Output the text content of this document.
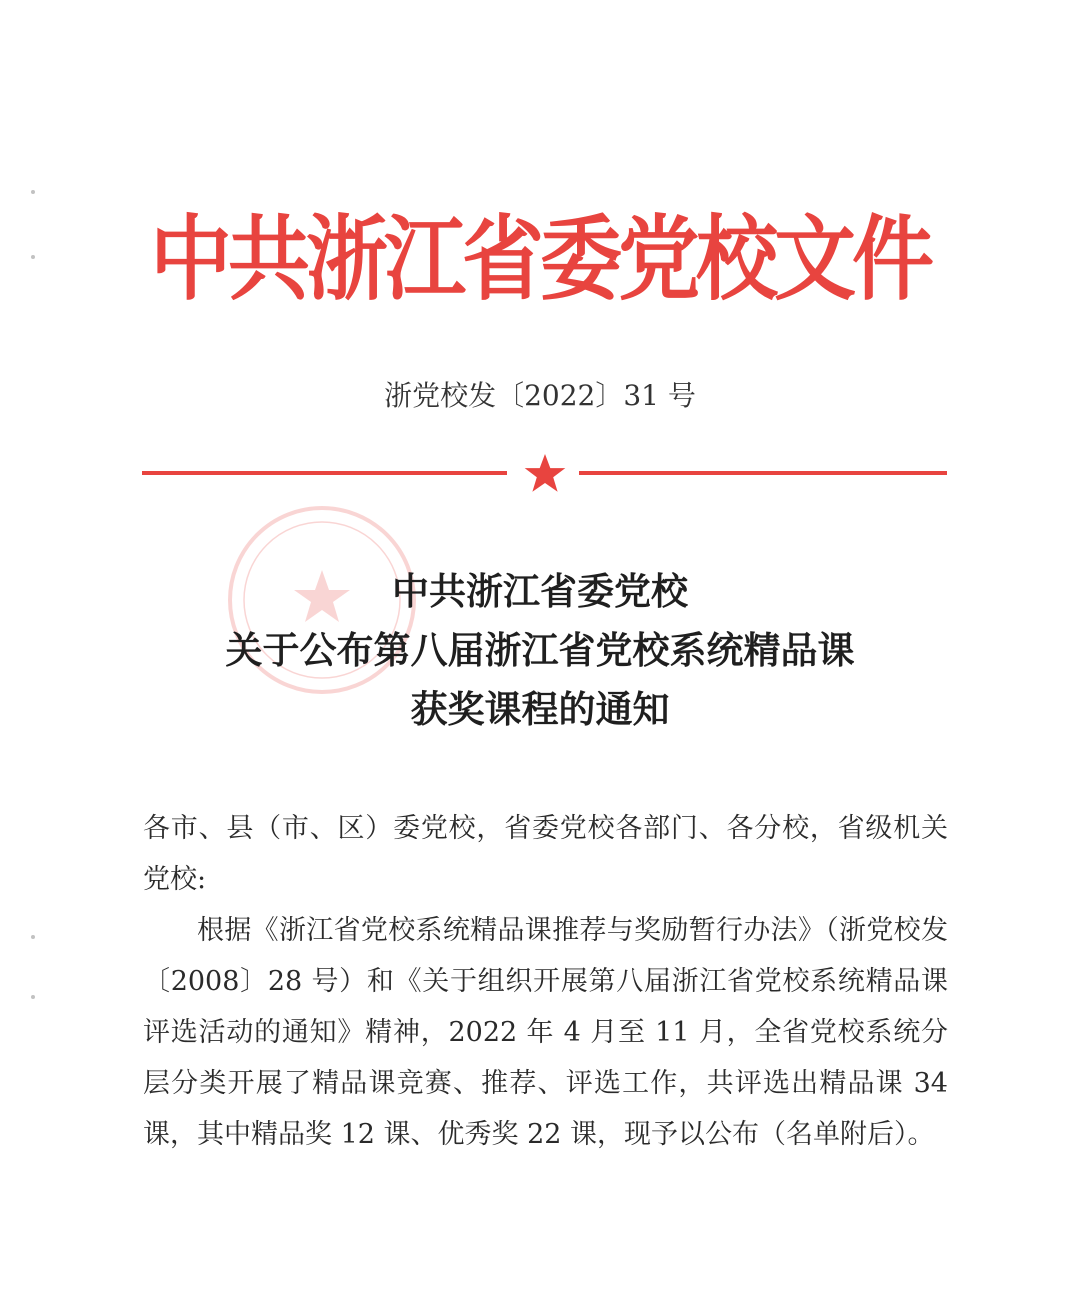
中共浙江省委党校文件
浙党校发〔2022〕31 号
中共浙江省委党校
关于公布第八届浙江省党校系统精品课
获奖课程的通知

各市、县（市、区）委党校，省委党校各部门、各分校，省级机关党校:

根据《浙江省党校系统精品课推荐与奖励暂行办法》（浙党校发〔2008〕28 号）和《关于组织开展第八届浙江省党校系统精品课评选活动的通知》精神，2022 年 4 月至 11 月，全省党校系统分层分类开展了精品课竞赛、推荐、评选工作，共评选出精品课 34 课，其中精品奖 12 课、优秀奖 22 课，现予以公布（名单附后）。
